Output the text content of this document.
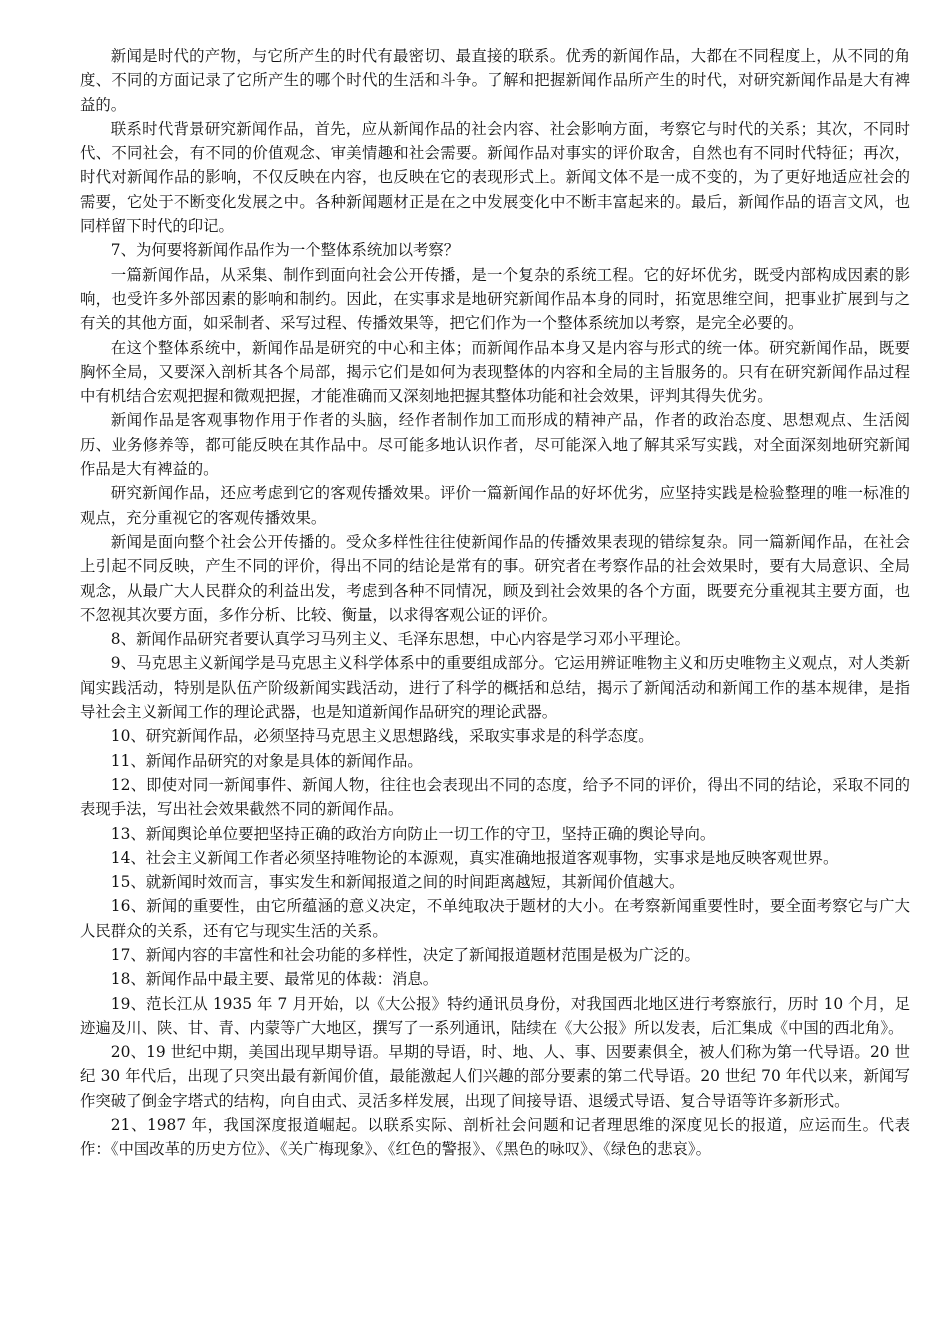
新闻是时代的产物，与它所产生的时代有最密切、最直接的联系。优秀的新闻作品，大都在不同程度上，从不同的角度、不同的方面记录了它所产生的哪个时代的生活和斗争。了解和把握新闻作品所产生的时代，对研究新闻作品是大有裨益的。

联系时代背景研究新闻作品，首先，应从新闻作品的社会内容、社会影响方面，考察它与时代的关系；其次，不同时代、不同社会，有不同的价值观念、审美情趣和社会需要。新闻作品对事实的评价取舍，自然也有不同时代特征；再次，时代对新闻作品的影响，不仅反映在内容，也反映在它的表现形式上。新闻文体不是一成不变的，为了更好地适应社会的需要，它处于不断变化发展之中。各种新闻题材正是在之中发展变化中不断丰富起来的。最后，新闻作品的语言文风，也同样留下时代的印记。

7、为何要将新闻作品作为一个整体系统加以考察？

一篇新闻作品，从采集、制作到面向社会公开传播，是一个复杂的系统工程。它的好坏优劣，既受内部构成因素的影响，也受许多外部因素的影响和制约。因此，在实事求是地研究新闻作品本身的同时，拓宽思维空间，把事业扩展到与之有关的其他方面，如采制者、采写过程、传播效果等，把它们作为一个整体系统加以考察，是完全必要的。

在这个整体系统中，新闻作品是研究的中心和主体；而新闻作品本身又是内容与形式的统一体。研究新闻作品，既要胸怀全局，又要深入剖析其各个局部，揭示它们是如何为表现整体的内容和全局的主旨服务的。只有在研究新闻作品过程中有机结合宏观把握和微观把握，才能准确而又深刻地把握其整体功能和社会效果，评判其得失优劣。

新闻作品是客观事物作用于作者的头脑，经作者制作加工而形成的精神产品，作者的政治态度、思想观点、生活阅历、业务修养等，都可能反映在其作品中。尽可能多地认识作者，尽可能深入地了解其采写实践，对全面深刻地研究新闻作品是大有裨益的。

研究新闻作品，还应考虑到它的客观传播效果。评价一篇新闻作品的好坏优劣，应坚持实践是检验整理的唯一标准的观点，充分重视它的客观传播效果。

新闻是面向整个社会公开传播的。受众多样性往往使新闻作品的传播效果表现的错综复杂。同一篇新闻作品，在社会上引起不同反映，产生不同的评价，得出不同的结论是常有的事。研究者在考察作品的社会效果时，要有大局意识、全局观念，从最广大人民群众的利益出发，考虑到各种不同情况，顾及到社会效果的各个方面，既要充分重视其主要方面，也不忽视其次要方面，多作分析、比较、衡量，以求得客观公证的评价。

8、新闻作品研究者要认真学习马列主义、毛泽东思想，中心内容是学习邓小平理论。

9、马克思主义新闻学是马克思主义科学体系中的重要组成部分。它运用辨证唯物主义和历史唯物主义观点，对人类新闻实践活动，特别是队伍产阶级新闻实践活动，进行了科学的概括和总结，揭示了新闻活动和新闻工作的基本规律，是指导社会主义新闻工作的理论武器，也是知道新闻作品研究的理论武器。

10、研究新闻作品，必须坚持马克思主义思想路线，采取实事求是的科学态度。

11、新闻作品研究的对象是具体的新闻作品。

12、即使对同一新闻事件、新闻人物，往往也会表现出不同的态度，给予不同的评价，得出不同的结论，采取不同的表现手法，写出社会效果截然不同的新闻作品。

13、新闻舆论单位要把坚持正确的政治方向防止一切工作的守卫，坚持正确的舆论导向。

14、社会主义新闻工作者必须坚持唯物论的本源观，真实准确地报道客观事物，实事求是地反映客观世界。

15、就新闻时效而言，事实发生和新闻报道之间的时间距离越短，其新闻价值越大。

16、新闻的重要性，由它所蕴涵的意义决定，不单纯取决于题材的大小。在考察新闻重要性时，要全面考察它与广大人民群众的关系，还有它与现实生活的关系。

17、新闻内容的丰富性和社会功能的多样性，决定了新闻报道题材范围是极为广泛的。

18、新闻作品中最主要、最常见的体裁：消息。

19、范长江从 1935 年 7 月开始，以《大公报》特约通讯员身份，对我国西北地区进行考察旅行，历时 10 个月，足迹遍及川、陕、甘、青、内蒙等广大地区，撰写了一系列通讯，陆续在《大公报》所以发表，后汇集成《中国的西北角》。

20、19 世纪中期，美国出现早期导语。早期的导语，时、地、人、事、因要素俱全，被人们称为第一代导语。20 世纪 30 年代后，出现了只突出最有新闻价值，最能激起人们兴趣的部分要素的第二代导语。20 世纪 70 年代以来，新闻写作突破了倒金字塔式的结构，向自由式、灵活多样发展，出现了间接导语、退缓式导语、复合导语等许多新形式。

21、1987 年，我国深度报道崛起。以联系实际、剖析社会问题和记者理思维的深度见长的报道，应运而生。代表作：《中国改革的历史方位》、《关广梅现象》、《红色的警报》、《黑色的咏叹》、《绿色的悲哀》。
